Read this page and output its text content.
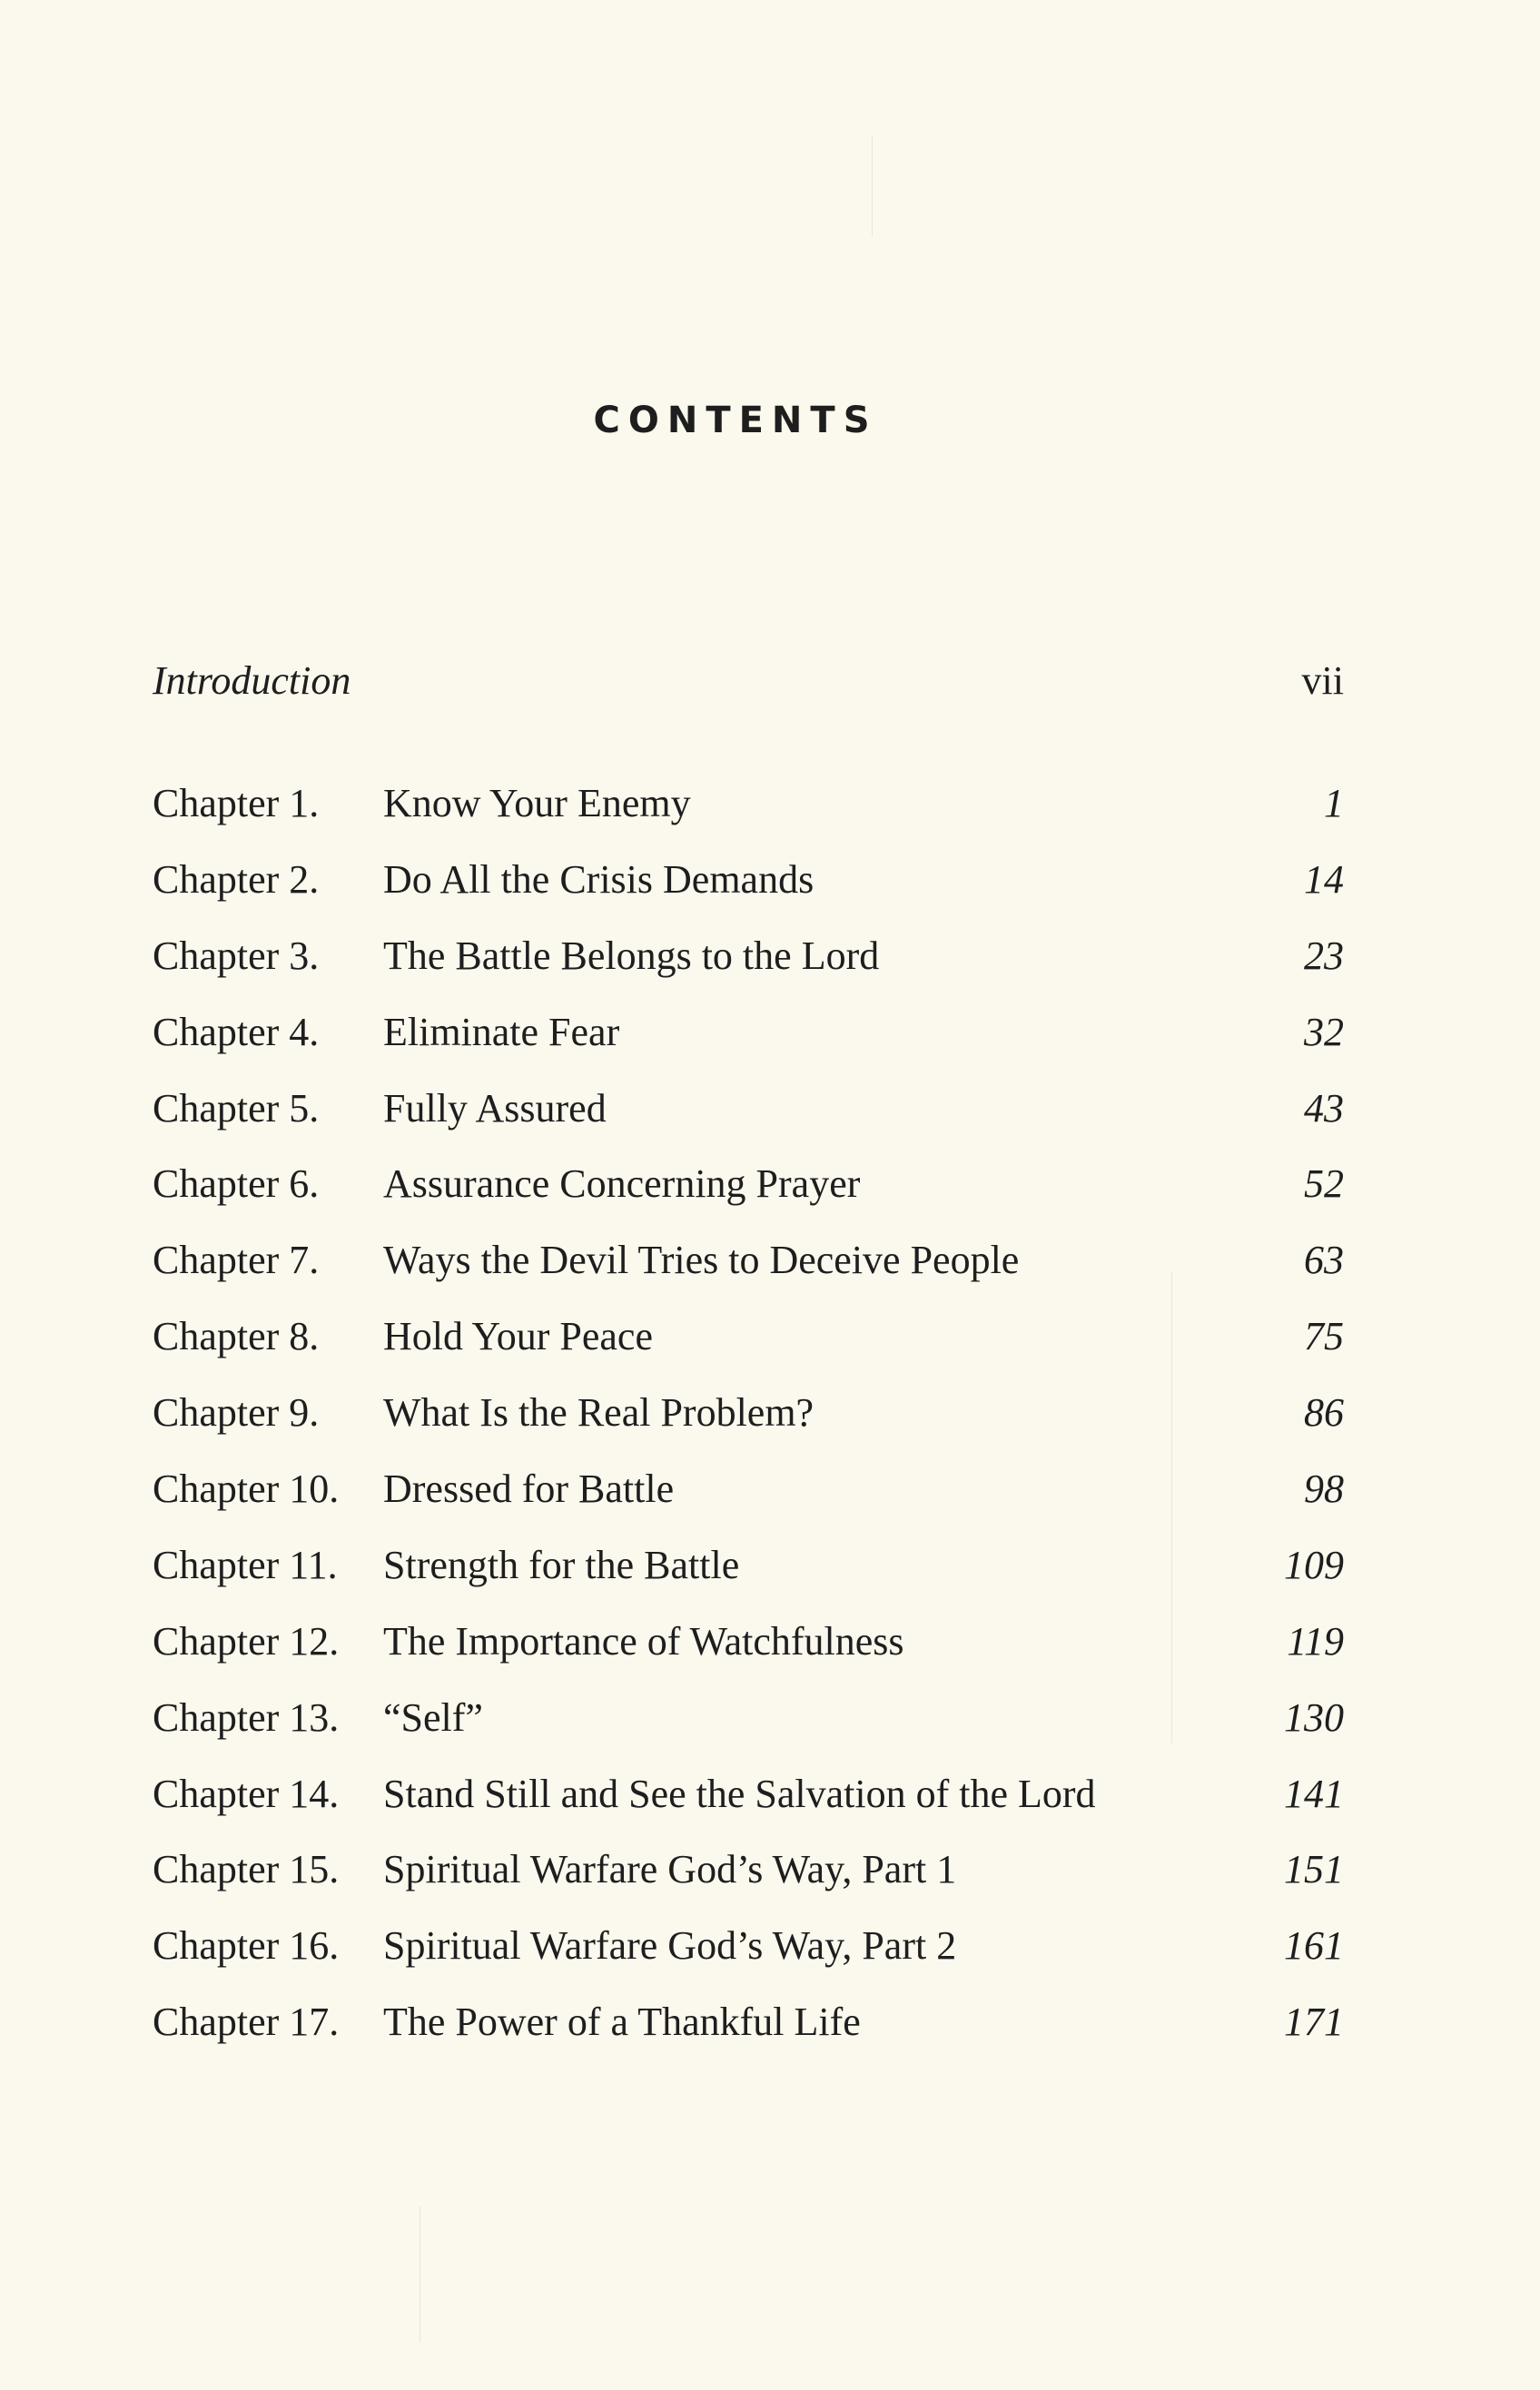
CONTENTS
Introduction	vii
Chapter 1. Know Your Enemy	1
Chapter 2. Do All the Crisis Demands	14
Chapter 3. The Battle Belongs to the Lord	23
Chapter 4. Eliminate Fear	32
Chapter 5. Fully Assured	43
Chapter 6. Assurance Concerning Prayer	52
Chapter 7. Ways the Devil Tries to Deceive People	63
Chapter 8. Hold Your Peace	75
Chapter 9. What Is the Real Problem?	86
Chapter 10. Dressed for Battle	98
Chapter 11. Strength for the Battle	109
Chapter 12. The Importance of Watchfulness	119
Chapter 13. “Self”	130
Chapter 14. Stand Still and See the Salvation of the Lord	141
Chapter 15. Spiritual Warfare God’s Way, Part 1	151
Chapter 16. Spiritual Warfare God’s Way, Part 2	161
Chapter 17. The Power of a Thankful Life	171
